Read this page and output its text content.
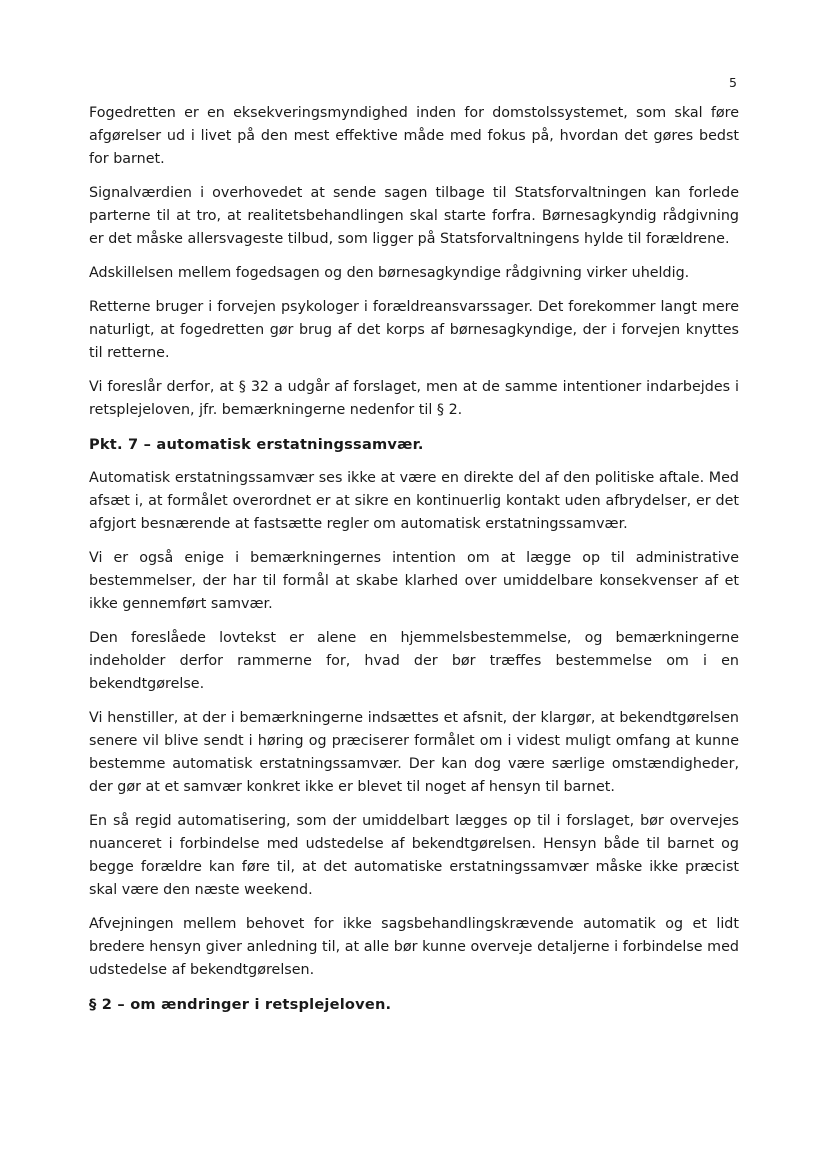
5

Fogedretten er en eksekveringsmyndighed inden for domstolssystemet, som skal føre afgørelser ud i livet på den mest effektive måde med fokus på, hvordan det gøres bedst for barnet.

Signalværdien i overhovedet at sende sagen tilbage til Statsforvaltningen kan forlede parterne til at tro, at realitetsbehandlingen skal starte forfra. Børnesagkyndig rådgivning er det måske allersvageste tilbud, som ligger på Statsforvaltningens hylde til forældrene.

Adskillelsen mellem fogedsagen og den børnesagkyndige rådgivning virker uheldig.

Retterne bruger i forvejen psykologer i forældreansvarssager. Det forekommer langt mere naturligt, at fogedretten gør brug af det korps af børnesagkyndige, der i forvejen knyttes til retterne.

Vi foreslår derfor, at § 32 a udgår af forslaget, men at de samme intentioner indarbejdes i retsplejeloven, jfr. bemærkningerne nedenfor til § 2.

Pkt. 7 – automatisk erstatningssamvær.

Automatisk erstatningssamvær ses ikke at være en direkte del af den politiske aftale. Med afsæt i, at formålet overordnet er at sikre en kontinuerlig kontakt uden afbrydelser, er det afgjort besnærende at fastsætte regler om automatisk erstatningssamvær.

Vi er også enige i bemærkningernes intention om at lægge op til administrative bestemmelser, der har til formål at skabe klarhed over umiddelbare konsekvenser af et ikke gennemført samvær.

Den foreslåede lovtekst er alene en hjemmelsbestemmelse, og bemærkningerne indeholder derfor rammerne for, hvad der bør træffes bestemmelse om i en bekendtgørelse.

Vi henstiller, at der i bemærkningerne indsættes et afsnit, der klargør, at bekendtgørelsen senere vil blive sendt i høring og præciserer formålet om i videst muligt omfang at kunne bestemme automatisk erstatningssamvær. Der kan dog være særlige omstændigheder, der gør at et samvær konkret ikke er blevet til noget af hensyn til barnet.

En så regid automatisering, som der umiddelbart lægges op til i forslaget, bør overvejes nuanceret i forbindelse med udstedelse af bekendtgørelsen. Hensyn både til barnet og begge forældre kan føre til, at det automatiske erstatningssamvær måske ikke præcist skal være den næste weekend.

Afvejningen mellem behovet for ikke sagsbehandlingskrævende automatik og et lidt bredere hensyn giver anledning til, at alle bør kunne overveje detaljerne i forbindelse med udstedelse af bekendtgørelsen.

§ 2 – om ændringer i retsplejeloven.
